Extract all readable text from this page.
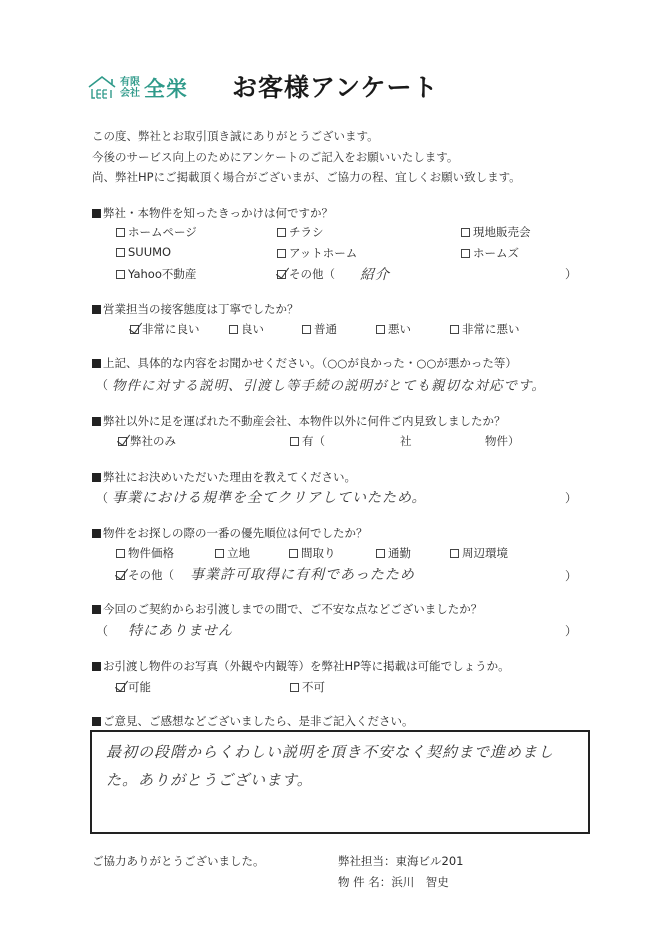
有限
会社 全栄 お客様アンケート
この度、弊社とお取引頂き誠にありがとうございます。
今後のサービス向上のためにアンケートのご記入をお願いいたします。
尚、弊社HPにご掲載頂く場合がございまが、ご協力の程、宜しくお願い致します。
弊社・本物件を知ったきっかけは何ですか？
ホームページ	チラシ	現地販売会
SUUMO	アットホーム	ホームズ
Yahoo不動産	その他（ 紹介	）
営業担当の接客態度は丁寧でしたか？
非常に良い	良い	普通	悪い	非常に悪い
上記、具体的な内容をお聞かせください。（○○が良かった・○○が悪かった等）
（ 物件に対する説明、引渡し等手続の説明がとても親切な対応です。
弊社以外に足を運ばれた不動産会社、本物件以外に何件ご内見致しましたか？
弊社のみ	有（	社	物件）
弊社にお決めいただいた理由を教えてください。
（ 事業における規準を全てクリアしていたため。	）
物件をお探しの際の一番の優先順位は何でしたか？
物件価格	立地	間取り	通勤	周辺環境
その他（ 事業許可取得に有利であったため	）
今回のご契約からお引渡しまでの間で、ご不安な点などございましたか？
（ 特にありません	）
お引渡し物件のお写真（外観や内観等）を弊社HP等に掲載は可能でしょうか。
可能	不可
ご意見、ご感想などございましたら、是非ご記入ください。
最初の段階からくわしい説明を頂き不安なく契約まで進めました。ありがとうございます。
ご協力ありがとうございました。	弊社担当：東海ビル201
物 件 名：浜川　智史
